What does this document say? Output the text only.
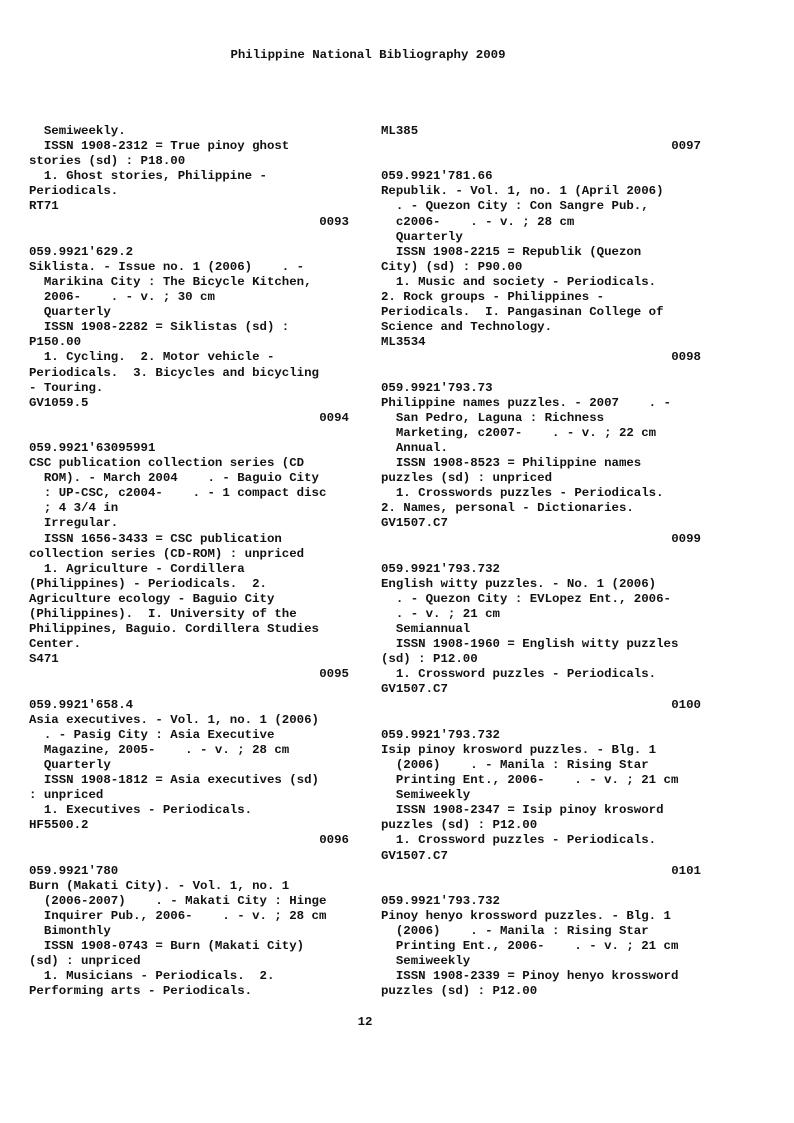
Philippine National Bibliography 2009
Semiweekly.
ISSN 1908-2312 = True pinoy ghost
stories (sd) : P18.00
1. Ghost stories, Philippine -
Periodicals.
RT71
0093
059.9921'629.2
Siklista. - Issue no. 1 (2006)    . -
Marikina City : The Bicycle Kitchen,
2006-    . - v. ; 30 cm
Quarterly
ISSN 1908-2282 = Siklistas (sd) :
P150.00
1. Cycling.  2. Motor vehicle -
Periodicals.  3. Bicycles and bicycling
- Touring.
GV1059.5
0094
059.9921'63095991
CSC publication collection series (CD
ROM). - March 2004    . - Baguio City
: UP-CSC, c2004-    . - 1 compact disc
; 4 3/4 in
Irregular.
ISSN 1656-3433 = CSC publication
collection series (CD-ROM) : unpriced
1. Agriculture - Cordillera
(Philippines) - Periodicals.  2.
Agriculture ecology - Baguio City
(Philippines).  I. University of the
Philippines, Baguio. Cordillera Studies
Center.
S471
0095
059.9921'658.4
Asia executives. - Vol. 1, no. 1 (2006)
. - Pasig City : Asia Executive
Magazine, 2005-    . - v. ; 28 cm
Quarterly
ISSN 1908-1812 = Asia executives (sd)
: unpriced
1. Executives - Periodicals.
HF5500.2
0096
059.9921'780
Burn (Makati City). - Vol. 1, no. 1
(2006-2007)    . - Makati City : Hinge
Inquirer Pub., 2006-    . - v. ; 28 cm
Bimonthly
ISSN 1908-0743 = Burn (Makati City)
(sd) : unpriced
1. Musicians - Periodicals.  2.
Performing arts - Periodicals.
ML385
0097
059.9921'781.66
Republik. - Vol. 1, no. 1 (April 2006)
. - Quezon City : Con Sangre Pub.,
c2006-    . - v. ; 28 cm
Quarterly
ISSN 1908-2215 = Republik (Quezon
City) (sd) : P90.00
1. Music and society - Periodicals.
2. Rock groups - Philippines -
Periodicals.  I. Pangasinan College of
Science and Technology.
ML3534
0098
059.9921'793.73
Philippine names puzzles. - 2007    . -
San Pedro, Laguna : Richness
Marketing, c2007-    . - v. ; 22 cm
Annual.
ISSN 1908-8523 = Philippine names
puzzles (sd) : unpriced
1. Crosswords puzzles - Periodicals.
2. Names, personal - Dictionaries.
GV1507.C7
0099
059.9921'793.732
English witty puzzles. - No. 1 (2006)
. - Quezon City : EVLopez Ent., 2006-
. - v. ; 21 cm
Semiannual
ISSN 1908-1960 = English witty puzzles
(sd) : P12.00
1. Crossword puzzles - Periodicals.
GV1507.C7
0100
059.9921'793.732
Isip pinoy krosword puzzles. - Blg. 1
(2006)    . - Manila : Rising Star
Printing Ent., 2006-    . - v. ; 21 cm
Semiweekly
ISSN 1908-2347 = Isip pinoy krosword
puzzles (sd) : P12.00
1. Crossword puzzles - Periodicals.
GV1507.C7
0101
059.9921'793.732
Pinoy henyo krossword puzzles. - Blg. 1
(2006)    . - Manila : Rising Star
Printing Ent., 2006-    . - v. ; 21 cm
Semiweekly
ISSN 1908-2339 = Pinoy henyo krossword
puzzles (sd) : P12.00
12
